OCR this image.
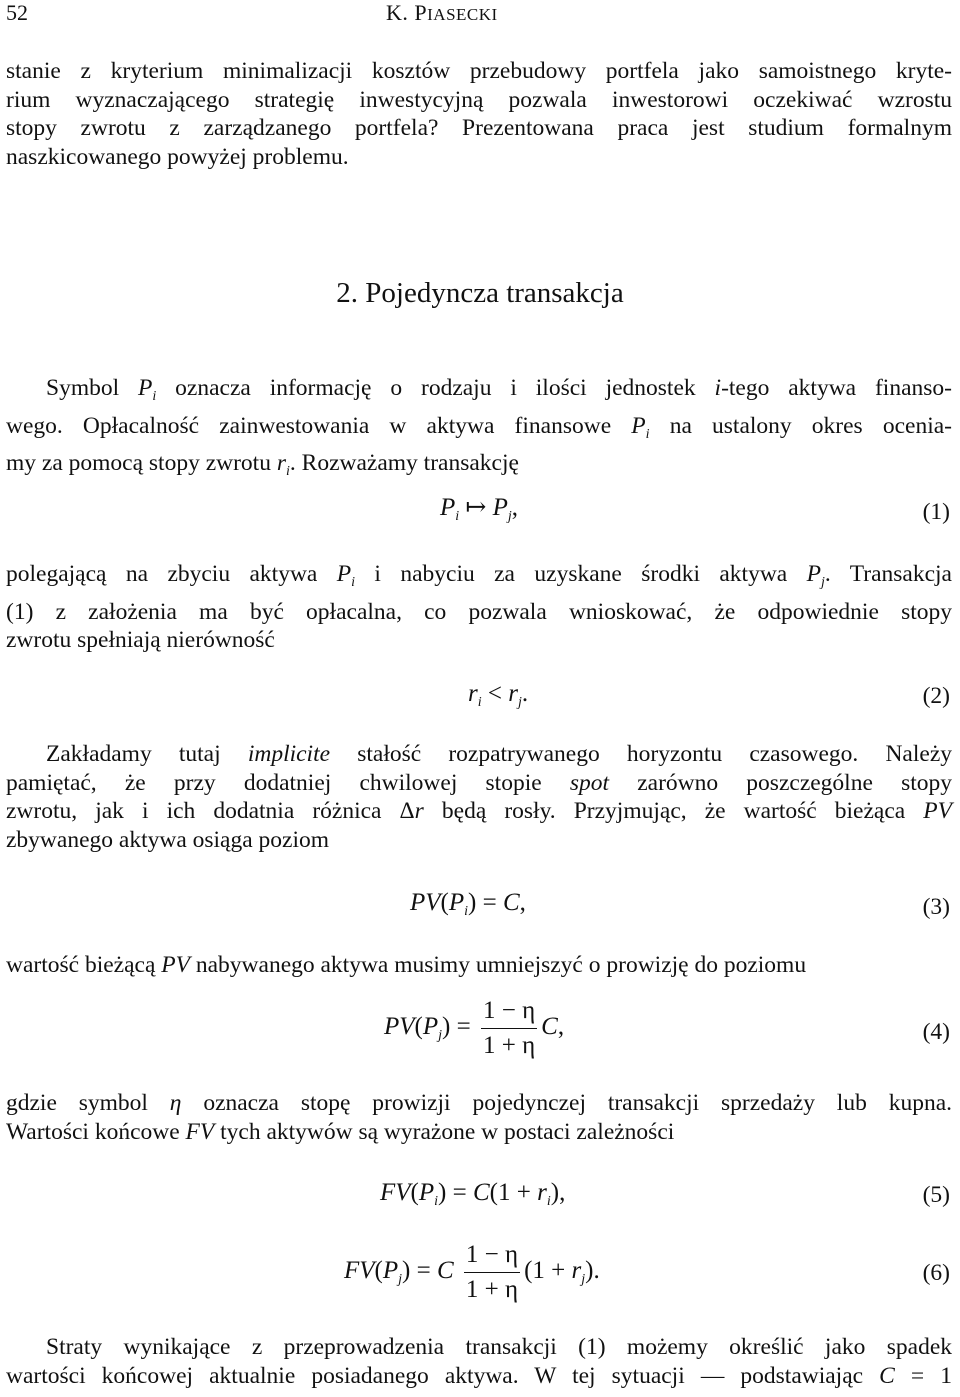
52	K. PIASECKI
stanie z kryterium minimalizacji kosztów przebudowy portfela jako samoistnego kryte-
rium wyznaczającego strategię inwestycyjną pozwala inwestorowi oczekiwać wzrostu
stopy zwrotu z zarządzanego portfela? Prezentowana praca jest studium formalnym
naszkicowanego powyżej problemu.
2. Pojedyncza transakcja
Symbol $P_i$ oznacza informację o rodzaju i ilości jednostek i-tego aktywa finanso-
wego. Opłacalność zainwestowania w aktywa finansowe $P_i$ na ustalony okres ocenia-
my za pomocą stopy zwrotu $r_i$. Rozważamy transakcję
$P_i$ ↦ $P_j$,	(1)
polegającą na zbyciu aktywa $P_i$ i nabyciu za uzyskane środki aktywa $P_j$. Transakcja
(1) z założenia ma być opłacalna, co pozwala wnioskować, że odpowiednie stopy
zwrotu spełniają nierówność
$r_i < r_j$.	(2)
Zakładamy tutaj implicite stałość rozpatrywanego horyzontu czasowego. Należy
pamiętać, że przy dodatniej chwilowej stopie spot zarówno poszczególne stopy
zwrotu, jak i ich dodatnia różnica Δr będą rosły. Przyjmując, że wartość bieżąca PV
zbywanego aktywa osiąga poziom
$PV(P_i) = C$,	(3)
wartość bieżącą PV nabywanego aktywa musimy umniejszyć o prowizję do poziomu
$PV(P_j) = \frac{1 - \eta}{1 + \eta} C$,	(4)
gdzie symbol η oznacza stopę prowizji pojedynczej transakcji sprzedaży lub kupna.
Wartości końcowe FV tych aktywów są wyrażone w postaci zależności
$FV(P_i) = C(1 + r_i)$,	(5)
$FV(P_j) = C \frac{1 - \eta}{1 + \eta} (1 + r_j)$.	(6)
Straty wynikające z przeprowadzenia transakcji (1) możemy określić jako spadek
wartości końcowej aktualnie posiadanego aktywa. W tej sytuacji — podstawiając C = 1
